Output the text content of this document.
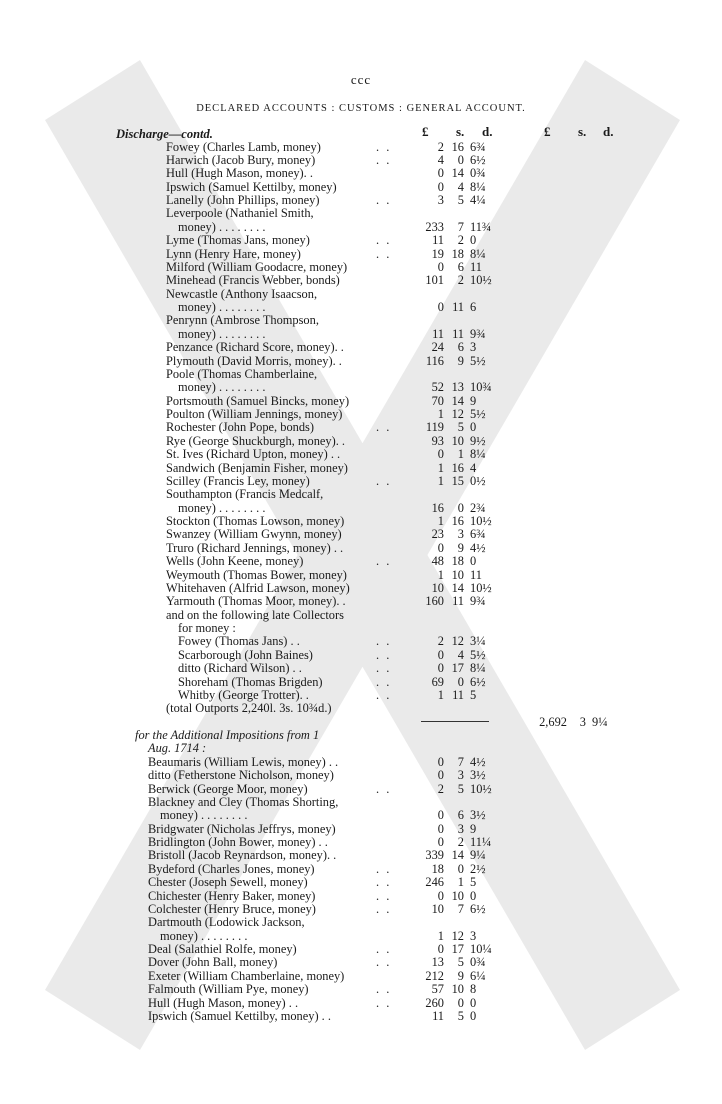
ccc
DECLARED ACCOUNTS : CUSTOMS : GENERAL ACCOUNT.
£ s. d.	£ s. d.
Discharge—contd.
Fowey (Charles Lamb, money)	. .	2 16 6¾
Harwich (Jacob Bury, money)	. .	4 0 6½
Hull (Hugh Mason, money). .	0 14 0¾
Ipswich (Samuel Kettilby, money)	0 4 8¼
Lanelly (John Phillips, money)	. .	3 5 4¼
Leverpoole (Nathaniel Smith,
money) . . . . . . . .	233 7 11¾
Lyme (Thomas Jans, money)	. .	11 2 0
Lynn (Henry Hare, money)	. .	19 18 8¼
Milford (William Goodacre, money)	0 6 11
Minehead (Francis Webber, bonds)	101 2 10½
Newcastle (Anthony Isaacson,
money) . . . . . . . .	0 11 6
Penrynn (Ambrose Thompson,
money) . . . . . . . .	11 11 9¾
Penzance (Richard Score, money). .	24 6 3
Plymouth (David Morris, money). .	116 9 5½
Poole (Thomas Chamberlaine,
money) . . . . . . . .	52 13 10¾
Portsmouth (Samuel Bincks, money)	70 14 9
Poulton (William Jennings, money)	1 12 5½
Rochester (John Pope, bonds)	. .	119 5 0
Rye (George Shuckburgh, money). .	93 10 9½
St. Ives (Richard Upton, money) . .	0 1 8¼
Sandwich (Benjamin Fisher, money)	1 16 4
Scilley (Francis Ley, money)	. .	1 15 0½
Southampton (Francis Medcalf,
money) . . . . . . . .	16 0 2¾
Stockton (Thomas Lowson, money)	1 16 10½
Swanzey (William Gwynn, money)	23 3 6¾
Truro (Richard Jennings, money) . .	0 9 4½
Wells (John Keene, money)	. .	48 18 0
Weymouth (Thomas Bower, money)	1 10 11
Whitehaven (Alfrid Lawson, money)	10 14 10½
Yarmouth (Thomas Moor, money). .	160 11 9¾
and on the following late Collectors
for money :
Fowey (Thomas Jans) . .	. .	2 12 3¼
Scarborough (John Baines)	. .	0 4 5½
ditto (Richard Wilson) . .	. .	0 17 8¼
Shoreham (Thomas Brigden)	. .	69 0 6½
Whitby (George Trotter). .	. .	1 11 5
(total Outports 2,240l. 3s. 10¾d.)
2,692 3 9¼
for the Additional Impositions from 1
Aug. 1714 :
Beaumaris (William Lewis, money) . .	0 7 4½
ditto (Fetherstone Nicholson, money)	0 3 3½
Berwick (George Moor, money)	. .	2 5 10½
Blackney and Cley (Thomas Shorting,
money) . . . . . . . .	0 6 3½
Bridgwater (Nicholas Jeffrys, money)	0 3 9
Bridlington (John Bower, money) . .	0 2 11¼
Bristoll (Jacob Reynardson, money). .	339 14 9¼
Bydeford (Charles Jones, money)	. .	18 0 2½
Chester (Joseph Sewell, money)	. .	246 1 5
Chichester (Henry Baker, money)	. .	0 10 0
Colchester (Henry Bruce, money)	. .	10 7 6½
Dartmouth (Lodowick Jackson,
money) . . . . . . . .	1 12 3
Deal (Salathiel Rolfe, money)	. .	0 17 10¼
Dover (John Ball, money)	. .	13 5 0¾
Exeter (William Chamberlaine, money)	212 9 6¼
Falmouth (William Pye, money)	. .	57 10 8
Hull (Hugh Mason, money) . .	. .	260 0 0
Ipswich (Samuel Kettilby, money) . .	11 5 0
